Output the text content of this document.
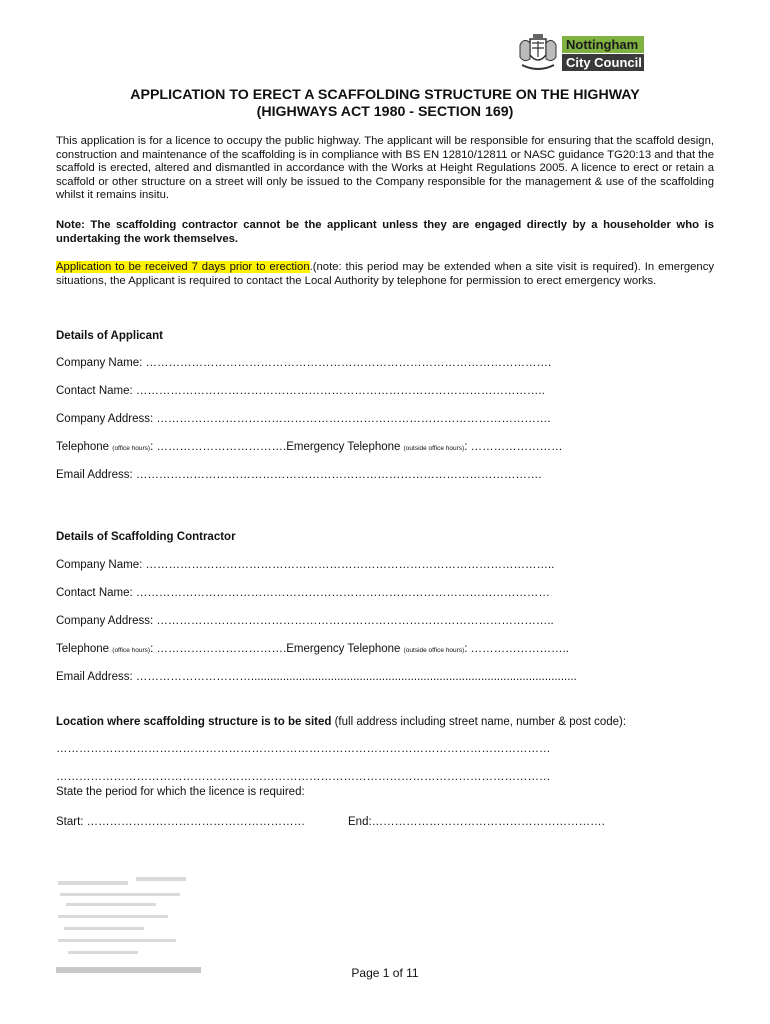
Nottingham
City Council
APPLICATION TO ERECT A SCAFFOLDING STRUCTURE ON THE HIGHWAY
(HIGHWAYS ACT 1980 - SECTION 169)
This application is for a licence to occupy the public highway. The applicant will be responsible for ensuring that the scaffold design, construction and maintenance of the scaffolding is in compliance with BS EN 12810/12811 or NASC guidance TG20:13 and that the scaffold is erected, altered and dismantled in accordance with the Works at Height Regulations 2005. A licence to erect or retain a scaffold or other structure on a street will only be issued to the Company responsible for the management & use of the scaffolding whilst it remains insitu.
Note: The scaffolding contractor cannot be the applicant unless they are engaged directly by a householder who is undertaking the work themselves.
Application to be received 7 days prior to erection.(note: this period may be extended when a site visit is required). In emergency situations, the Applicant is required to contact the Local Authority by telephone for permission to erect emergency works.
Details of Applicant
Company Name: …………………………………………………………………………………………….
Contact Name: ……………………………………………………………………………………………..
Company Address: ………………………………………………………………………………………….
Telephone (office hours): …………………………….Emergency Telephone (outside office hours): ……………………
Email Address: …………………………………………………………………………………………….
Details of Scaffolding Contractor
Company Name: ……………………………………………………………………………………………..
Contact Name: ………………………………………………………………………………………………
Company Address: …………………………………………………………………………………………..
Telephone (office hours): …………………………….Emergency Telephone (outside office hours): ……………………..
Email Address: …………………………......................................................................................................
Location where scaffolding structure is to be sited (full address including street name, number & post code):
…………………………………………………………………………………………………………………
…………………………………………………………………………………………………………………
State the period for which the licence is required:
Start: …………………………………………………	End:…………………………………………………….
Page 1 of 11
